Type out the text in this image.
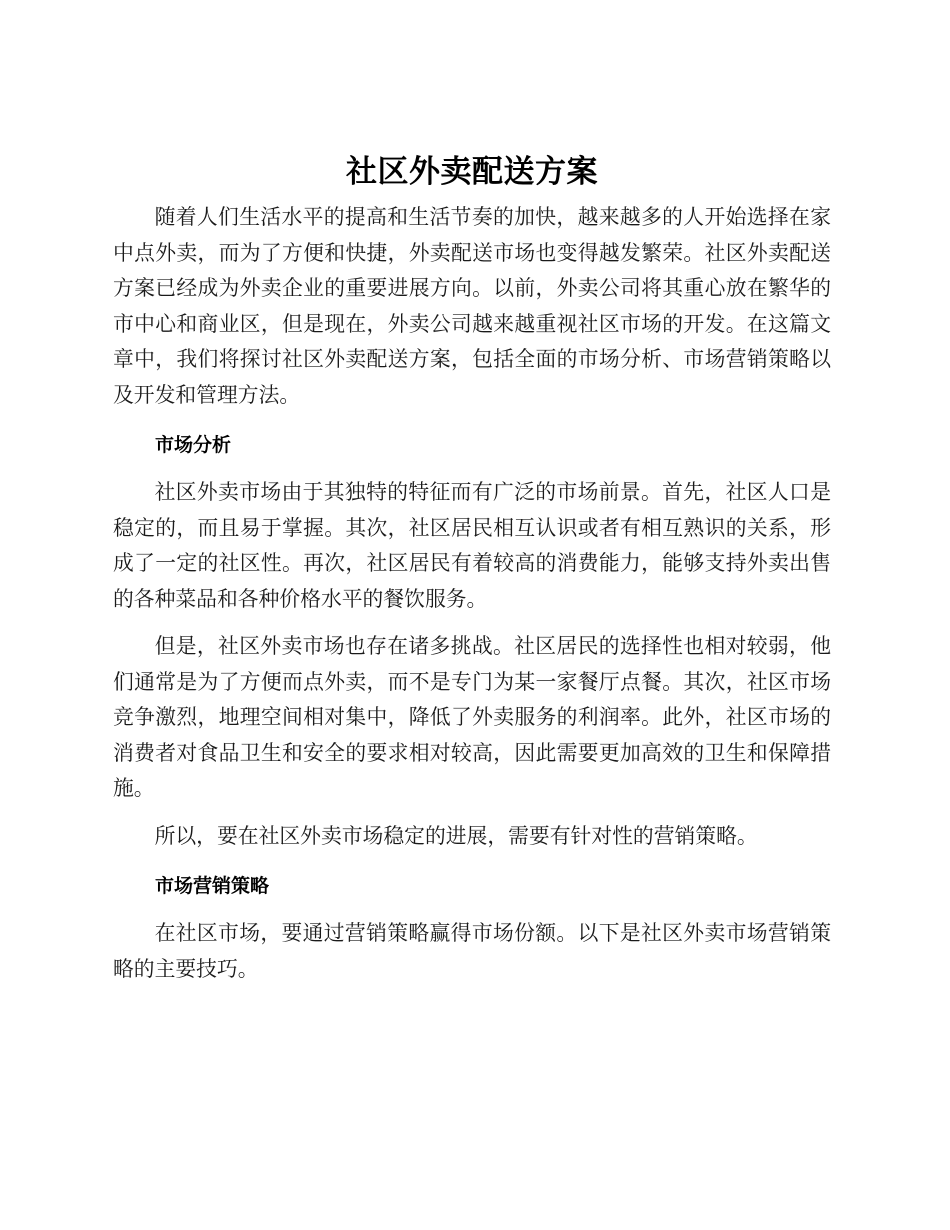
社区外卖配送方案

随着人们生活水平的提高和生活节奏的加快，越来越多的人开始选择在家中点外卖，而为了方便和快捷，外卖配送市场也变得越发繁荣。社区外卖配送方案已经成为外卖企业的重要进展方向。以前，外卖公司将其重心放在繁华的市中心和商业区，但是现在，外卖公司越来越重视社区市场的开发。在这篇文章中，我们将探讨社区外卖配送方案，包括全面的市场分析、市场营销策略以及开发和管理方法。

市场分析

社区外卖市场由于其独特的特征而有广泛的市场前景。首先，社区人口是稳定的，而且易于掌握。其次，社区居民相互认识或者有相互熟识的关系，形成了一定的社区性。再次，社区居民有着较高的消费能力，能够支持外卖出售的各种菜品和各种价格水平的餐饮服务。

但是，社区外卖市场也存在诸多挑战。社区居民的选择性也相对较弱，他们通常是为了方便而点外卖，而不是专门为某一家餐厅点餐。其次，社区市场竞争激烈，地理空间相对集中，降低了外卖服务的利润率。此外，社区市场的消费者对食品卫生和安全的要求相对较高，因此需要更加高效的卫生和保障措施。

所以，要在社区外卖市场稳定的进展，需要有针对性的营销策略。

市场营销策略

在社区市场，要通过营销策略赢得市场份额。以下是社区外卖市场营销策略的主要技巧。
